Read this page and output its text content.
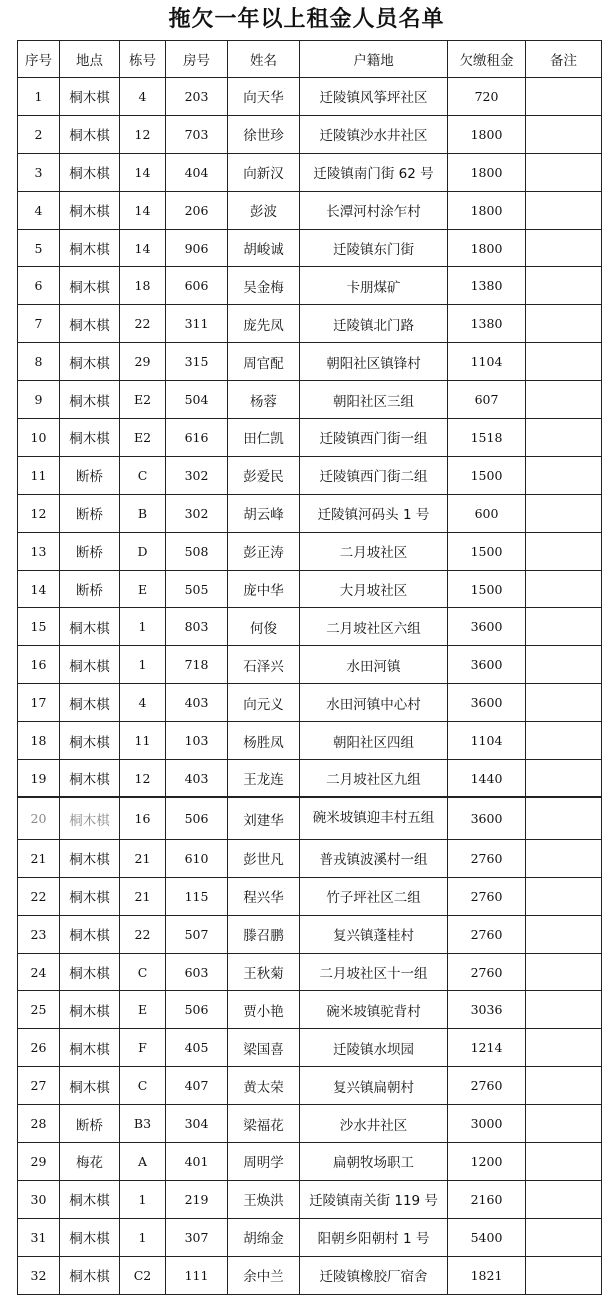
拖欠一年以上租金人员名单
序号	地点	栋号	房号	姓名	户籍地	欠缴租金	备注
1	桐木棋	4	203	向天华	迁陵镇风筝坪社区	720	
2	桐木棋	12	703	徐世珍	迁陵镇沙水井社区	1800	
3	桐木棋	14	404	向新汉	迁陵镇南门街 62 号	1800	
4	桐木棋	14	206	彭波	长潭河村涂乍村	1800	
5	桐木棋	14	906	胡峻诚	迁陵镇东门街	1800	
6	桐木棋	18	606	吴金梅	卡朋煤矿	1380	
7	桐木棋	22	311	庞先凤	迁陵镇北门路	1380	
8	桐木棋	29	315	周官配	朝阳社区镇锋村	1104	
9	桐木棋	E2	504	杨蓉	朝阳社区三组	607	
10	桐木棋	E2	616	田仁凯	迁陵镇西门街一组	1518	
11	断桥	C	302	彭爱民	迁陵镇西门街二组	1500	
12	断桥	B	302	胡云峰	迁陵镇河码头 1 号	600	
13	断桥	D	508	彭正涛	二月坡社区	1500	
14	断桥	E	505	庞中华	大月坡社区	1500	
15	桐木棋	1	803	何俊	二月坡社区六组	3600	
16	桐木棋	1	718	石泽兴	水田河镇	3600	
17	桐木棋	4	403	向元义	水田河镇中心村	3600	
18	桐木棋	11	103	杨胜凤	朝阳社区四组	1104	
19	桐木棋	12	403	王龙连	二月坡社区九组	1440	
20	桐木棋	16	506	刘建华	碗米坡镇迎丰村五组	3600	
21	桐木棋	21	610	彭世凡	普戎镇波溪村一组	2760	
22	桐木棋	21	115	程兴华	竹子坪社区二组	2760	
23	桐木棋	22	507	滕召鹏	复兴镇蓬桂村	2760	
24	桐木棋	C	603	王秋菊	二月坡社区十一组	2760	
25	桐木棋	E	506	贾小艳	碗米坡镇驼背村	3036	
26	桐木棋	F	405	梁国喜	迁陵镇水坝园	1214	
27	桐木棋	C	407	黄太荣	复兴镇扁朝村	2760	
28	断桥	B3	304	梁福花	沙水井社区	3000	
29	梅花	A	401	周明学	扁朝牧场职工	1200	
30	桐木棋	1	219	王焕洪	迁陵镇南关街 119 号	2160	
31	桐木棋	1	307	胡绵金	阳朝乡阳朝村 1 号	5400	
32	桐木棋	C2	111	余中兰	迁陵镇橡胶厂宿舍	1821	
